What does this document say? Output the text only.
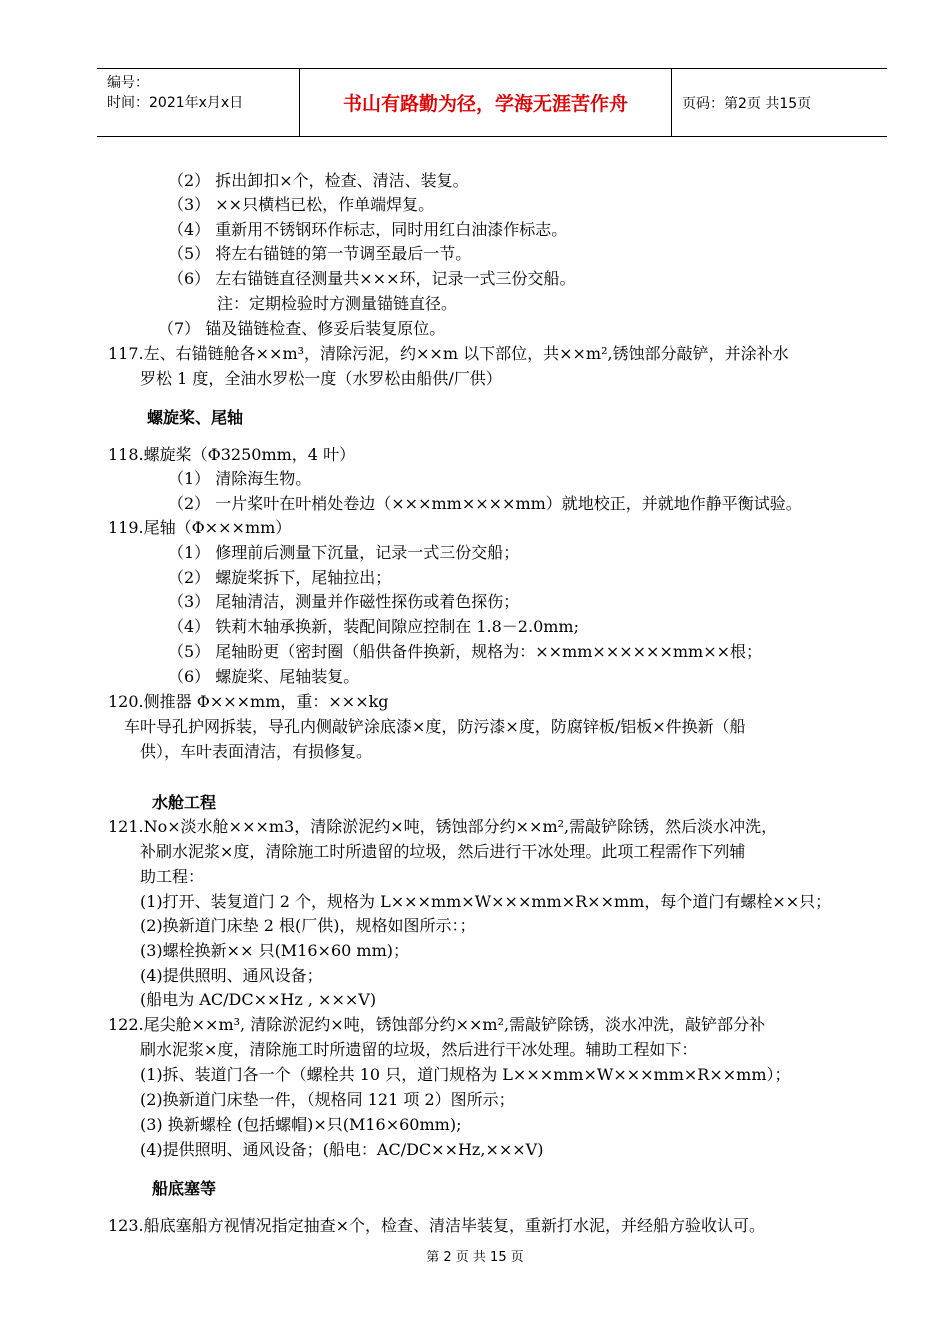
编号：
时间：2021年x月x日	书山有路勤为径，学海无涯苦作舟	页码：第2页 共15页
（2） 拆出卸扣×个，检查、清洁、装复。
（3） ××只横档已松，作单端焊复。
（4） 重新用不锈钢环作标志，同时用红白油漆作标志。
（5） 将左右锚链的第一节调至最后一节。
（6） 左右锚链直径测量共×××环，记录一式三份交船。
注：定期检验时方测量锚链直径。
（7） 锚及锚链检查、修妥后装复原位。
117.左、右锚链舱各××m³，清除污泥，约××m 以下部位，共××m²,锈蚀部分敲铲，并涂补水
罗松 1 度，全油水罗松一度（水罗松由船供/厂供）
螺旋桨、尾轴
118.螺旋桨（Φ3250mm，4 叶）
（1） 清除海生物。
（2） 一片桨叶在叶梢处卷边（×××mm××××mm）就地校正，并就地作静平衡试验。
119.尾轴（Φ×××mm）
（1） 修理前后测量下沉量，记录一式三份交船；
（2） 螺旋桨拆下，尾轴拉出；
（3） 尾轴清洁，测量并作磁性探伤或着色探伤；
（4） 铁莉木轴承换新，装配间隙应控制在 1.8－2.0mm;
（5） 尾轴盼更（密封圈（船供备件换新，规格为：××mm××××××mm××根；
（6） 螺旋桨、尾轴装复。
120.侧推器 Φ×××mm，重：×××kg
车叶导孔护网拆装，导孔内侧敲铲涂底漆×度，防污漆×度，防腐锌板/铝板×件换新（船
供），车叶表面清洁，有损修复。
水舱工程
121.No×淡水舱×××m3，清除淤泥约×吨，锈蚀部分约××m²,需敲铲除锈，然后淡水冲洗，
补刷水泥浆×度，清除施工时所遗留的垃圾，然后进行干冰处理。此项工程需作下列辅
助工程：
(1)打开、装复道门 2 个，规格为 L×××mm×W×××mm×R××mm，每个道门有螺栓××只；
(2)换新道门床垫 2 根(厂供)，规格如图所示：；
(3)螺栓换新×× 只(M16×60 mm)；
(4)提供照明、通风设备；
(船电为 AC/DC××Hz , ×××V)
122.尾尖舱××m³, 清除淤泥约×吨，锈蚀部分约××m²,需敲铲除锈，淡水冲洗，敲铲部分补
刷水泥浆×度，清除施工时所遗留的垃圾，然后进行干冰处理。辅助工程如下：
(1)拆、装道门各一个（螺栓共 10 只，道门规格为 L×××mm×W×××mm×R××mm）；
(2)换新道门床垫一件，（规格同 121 项 2）图所示；
(3) 换新螺栓 (包括螺帽)×只(M16×60mm);
(4)提供照明、通风设备；(船电：AC/DC××Hz,×××V)
船底塞等
123.船底塞船方视情况指定抽查×个，检查、清洁毕装复，重新打水泥，并经船方验收认可。
第 2 页 共 15 页
